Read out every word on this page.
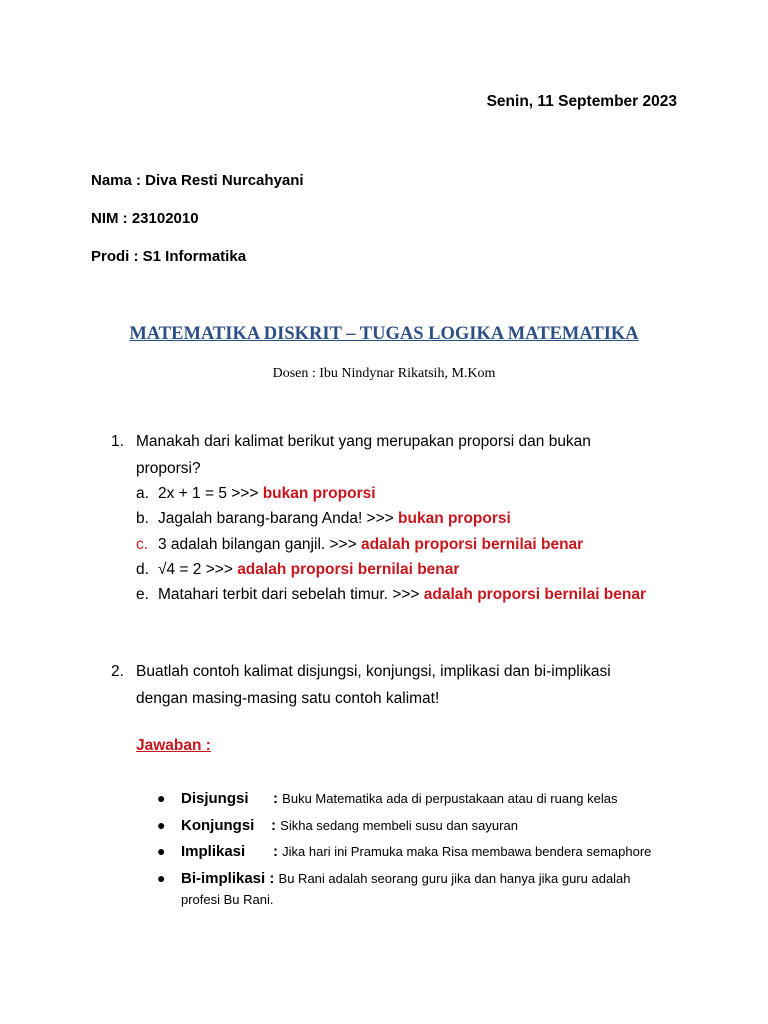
Senin, 11 September 2023
Nama : Diva Resti Nurcahyani
NIM : 23102010
Prodi : S1 Informatika
MATEMATIKA DISKRIT – TUGAS LOGIKA MATEMATIKA
Dosen : Ibu Nindynar Rikatsih, M.Kom
1. Manakah dari kalimat berikut yang merupakan proporsi dan bukan proporsi?
a. 2x + 1 = 5 >>> bukan proporsi
b. Jagalah barang-barang Anda! >>> bukan proporsi
c. 3 adalah bilangan ganjil. >>> adalah proporsi bernilai benar
d. √4 = 2 >>> adalah proporsi bernilai benar
e. Matahari terbit dari sebelah timur. >>> adalah proporsi bernilai benar
2. Buatlah contoh kalimat disjungsi, konjungsi, implikasi dan bi-implikasi dengan masing-masing satu contoh kalimat!
Jawaban :
● Disjungsi : Buku Matematika ada di perpustakaan atau di ruang kelas
● Konjungsi : Sikha sedang membeli susu dan sayuran
● Implikasi : Jika hari ini Pramuka maka Risa membawa bendera semaphore
● Bi-implikasi : Bu Rani adalah seorang guru jika dan hanya jika guru adalah
profesi Bu Rani.
